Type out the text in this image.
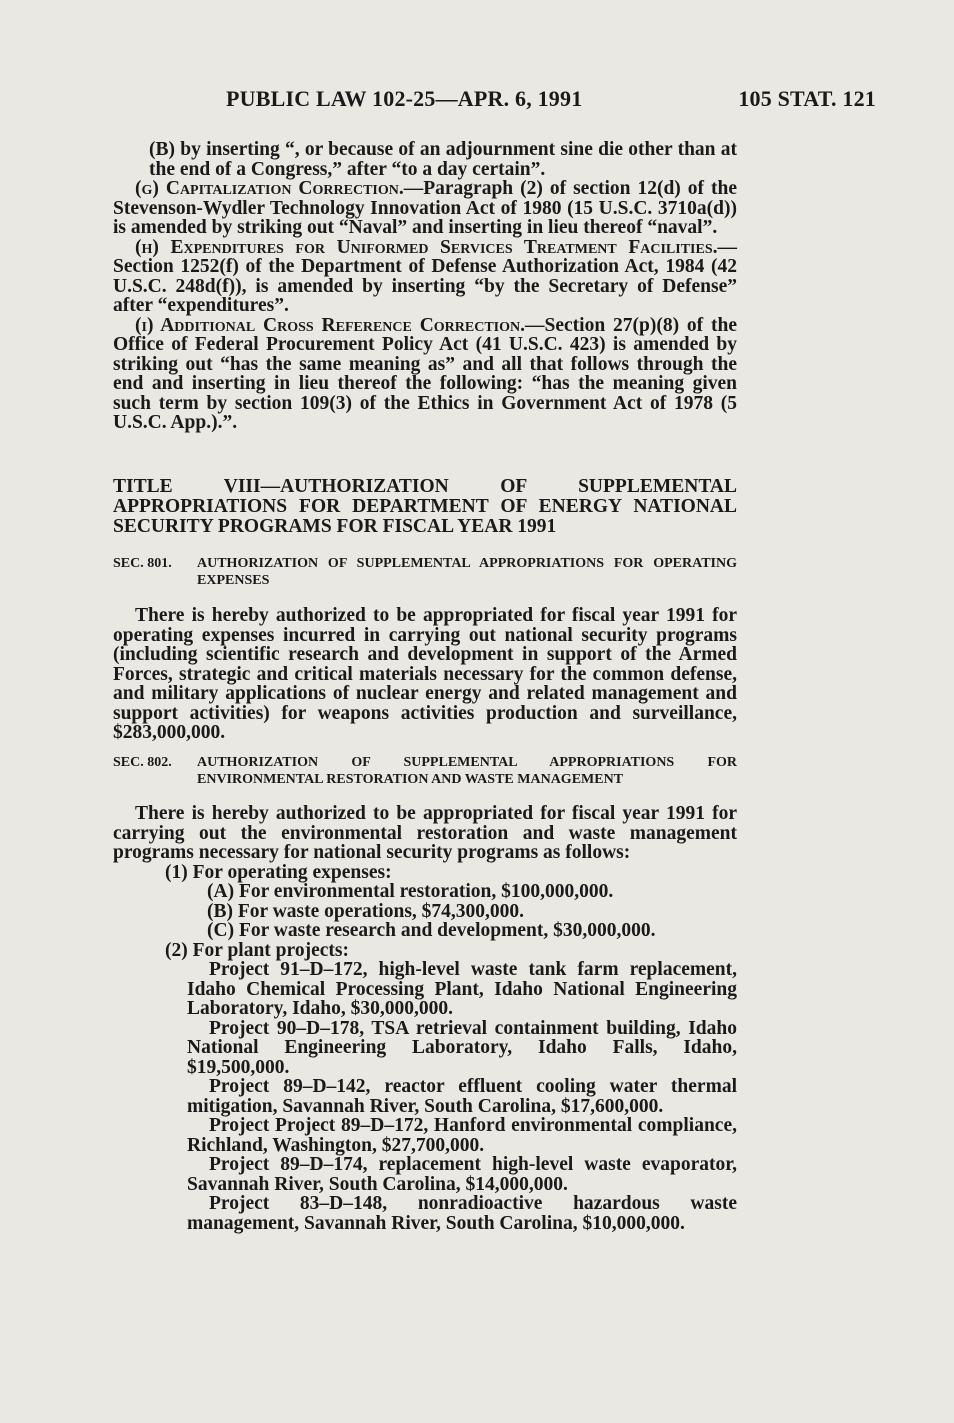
PUBLIC LAW 102-25—APR. 6, 1991	105 STAT. 121
(B) by inserting “, or because of an adjournment sine die other than at the end of a Congress,” after “to a day certain”.
(g) Capitalization Correction.—Paragraph (2) of section 12(d) of the Stevenson-Wydler Technology Innovation Act of 1980 (15 U.S.C. 3710a(d)) is amended by striking out “Naval” and inserting in lieu thereof “naval”.
(h) Expenditures for Uniformed Services Treatment Facilities.—Section 1252(f) of the Department of Defense Authorization Act, 1984 (42 U.S.C. 248d(f)), is amended by inserting “by the Secretary of Defense” after “expenditures”.
(i) Additional Cross Reference Correction.—Section 27(p)(8) of the Office of Federal Procurement Policy Act (41 U.S.C. 423) is amended by striking out “has the same meaning as” and all that follows through the end and inserting in lieu thereof the following: “has the meaning given such term by section 109(3) of the Ethics in Government Act of 1978 (5 U.S.C. App.).”.
TITLE VIII—AUTHORIZATION OF SUPPLEMENTAL APPROPRIATIONS FOR DEPARTMENT OF ENERGY NATIONAL SECURITY PROGRAMS FOR FISCAL YEAR 1991
SEC. 801.	AUTHORIZATION OF SUPPLEMENTAL APPROPRIATIONS FOR OPERATING EXPENSES
There is hereby authorized to be appropriated for fiscal year 1991 for operating expenses incurred in carrying out national security programs (including scientific research and development in support of the Armed Forces, strategic and critical materials necessary for the common defense, and military applications of nuclear energy and related management and support activities) for weapons activities production and surveillance, $283,000,000.
SEC. 802.	AUTHORIZATION OF SUPPLEMENTAL APPROPRIATIONS FOR ENVIRONMENTAL RESTORATION AND WASTE MANAGEMENT
There is hereby authorized to be appropriated for fiscal year 1991 for carrying out the environmental restoration and waste management programs necessary for national security programs as follows:
(1) For operating expenses:
(A) For environmental restoration, $100,000,000.
(B) For waste operations, $74,300,000.
(C) For waste research and development, $30,000,000.
(2) For plant projects:
Project 91–D–172, high-level waste tank farm replacement, Idaho Chemical Processing Plant, Idaho National Engineering Laboratory, Idaho, $30,000,000.
Project 90–D–178, TSA retrieval containment building, Idaho National Engineering Laboratory, Idaho Falls, Idaho, $19,500,000.
Project 89–D–142, reactor effluent cooling water thermal mitigation, Savannah River, South Carolina, $17,600,000.
Project Project 89–D–172, Hanford environmental compliance, Richland, Washington, $27,700,000.
Project 89–D–174, replacement high-level waste evaporator, Savannah River, South Carolina, $14,000,000.
Project 83–D–148, nonradioactive hazardous waste management, Savannah River, South Carolina, $10,000,000.
